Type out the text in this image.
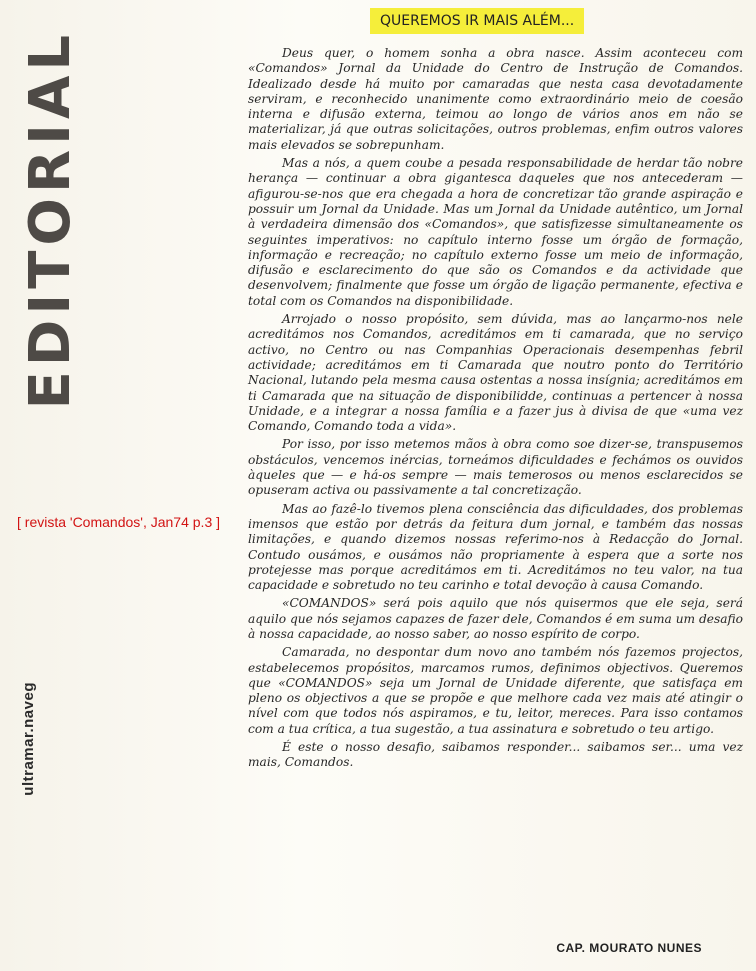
EDITORIAL
[ revista 'Comandos', Jan74 p.3 ]
ultramar.naveg
QUEREMOS IR MAIS ALÉM...

Deus quer, o homem sonha a obra nasce. Assim aconteceu com «Comandos» Jornal da Unidade do Centro de Instrução de Comandos. Idealizado desde há muito por camaradas que nesta casa devotadamente serviram, e reconhecido unanimente como extraordinário meio de coesão interna e difusão externa, teimou ao longo de vários anos em não se materializar, já que outras solicitações, outros problemas, enfim outros valores mais elevados se sobrepunham.

Mas a nós, a quem coube a pesada responsabilidade de herdar tão nobre herança — continuar a obra gigantesca daqueles que nos antecederam — afigurou-se-nos que era chegada a hora de concretizar tão grande aspiração e possuir um Jornal da Unidade. Mas um Jornal da Unidade autêntico, um Jornal à verdadeira dimensão dos «Comandos», que satisfizesse simultaneamente os seguintes imperativos: no capítulo interno fosse um órgão de formação, informação e recreação; no capítulo externo fosse um meio de informação, difusão e esclarecimento do que são os Comandos e da actividade que desenvolvem; finalmente que fosse um órgão de ligação permanente, efectiva e total com os Comandos na disponibilidade.

Arrojado o nosso propósito, sem dúvida, mas ao lançarmo-nos nele acreditámos nos Comandos, acreditámos em ti camarada, que no serviço activo, no Centro ou nas Companhias Operacionais desempenhas febril actividade; acreditámos em ti Camarada que noutro ponto do Território Nacional, lutando pela mesma causa ostentas a nossa insígnia; acreditámos em ti Camarada que na situação de disponibilidde, continuas a pertencer à nossa Unidade, e a integrar a nossa família e a fazer jus à divisa de que «uma vez Comando, Comando toda a vida».

Por isso, por isso metemos mãos à obra como soe dizer-se, transpusemos obstáculos, vencemos inércias, torneámos dificuldades e fechámos os ouvidos àqueles que — e há-os sempre — mais temerosos ou menos esclarecidos se opuseram activa ou passivamente a tal concretização.

Mas ao fazê-lo tivemos plena consciência das dificuldades, dos problemas imensos que estão por detrás da feitura dum jornal, e também das nossas limitações, e quando dizemos nossas referimo-nos à Redacção do Jornal. Contudo ousámos, e ousámos não propriamente à espera que a sorte nos protejesse mas porque acreditámos em ti. Acreditámos no teu valor, na tua capacidade e sobretudo no teu carinho e total devoção à causa Comando.

«COMANDOS» será pois aquilo que nós quisermos que ele seja, será aquilo que nós sejamos capazes de fazer dele, Comandos é em suma um desafio à nossa capacidade, ao nosso saber, ao nosso espírito de corpo.

Camarada, no despontar dum novo ano também nós fazemos projectos, estabelecemos propósitos, marcamos rumos, definimos objectivos. Queremos que «COMANDOS» seja um Jornal de Unidade diferente, que satisfaça em pleno os objectivos a que se propõe e que melhore cada vez mais até atingir o nível com que todos nós aspiramos, e tu, leitor, mereces. Para isso contamos com a tua crítica, a tua sugestão, a tua assinatura e sobretudo o teu artigo.

É este o nosso desafio, saibamos responder... saibamos ser... uma vez mais, Comandos.

CAP. MOURATO NUNES
